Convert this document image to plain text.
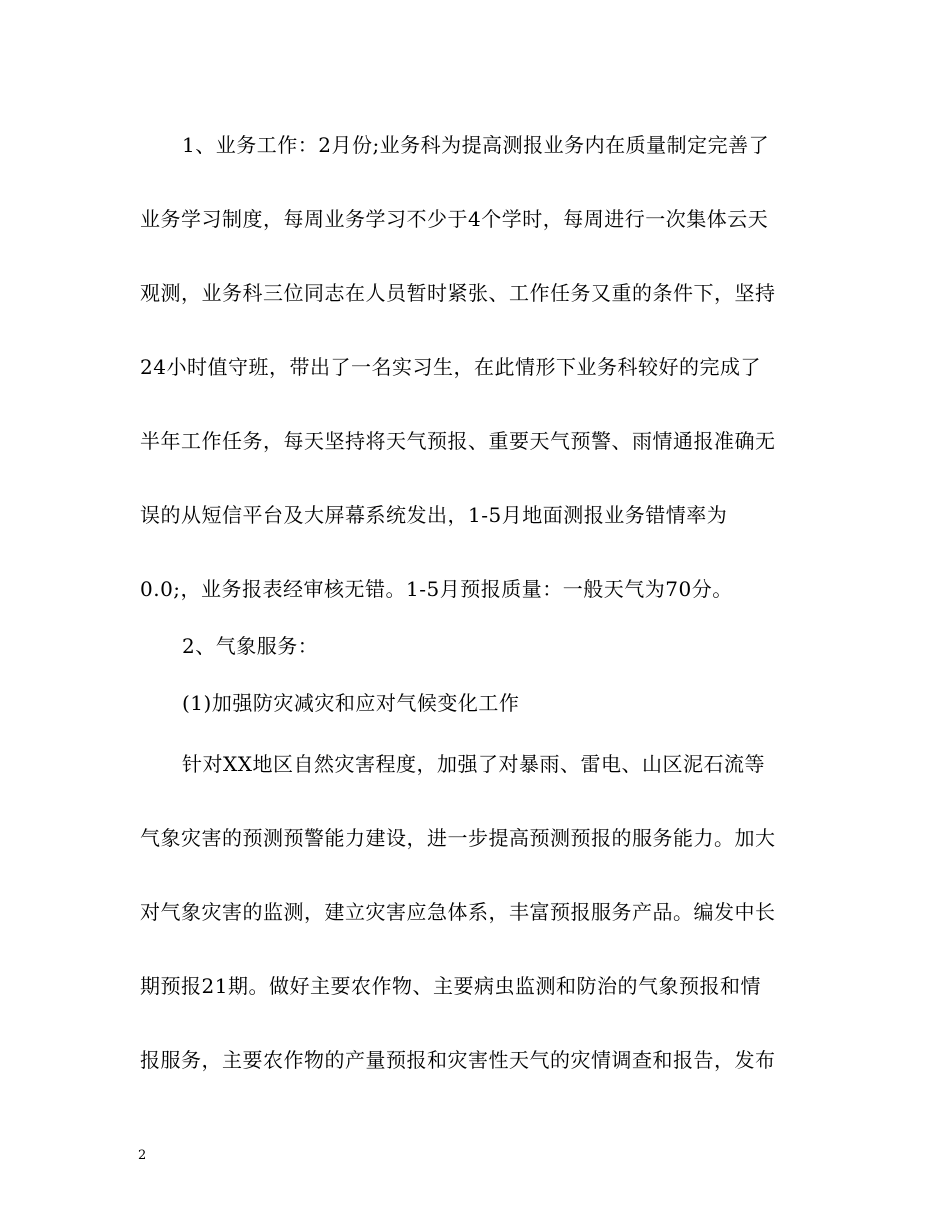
1、业务工作：2月份;业务科为提高测报业务内在质量制定完善了
业务学习制度，每周业务学习不少于4个学时，每周进行一次集体云天
观测，业务科三位同志在人员暂时紧张、工作任务又重的条件下，坚持
24小时值守班，带出了一名实习生，在此情形下业务科较好的完成了
半年工作任务，每天坚持将天气预报、重要天气预警、雨情通报准确无
误的从短信平台及大屏幕系统发出，1-5月地面测报业务错情率为
0.0;，业务报表经审核无错。1-5月预报质量：一般天气为70分。
2、气象服务：
(1)加强防灾减灾和应对气候变化工作
针对XX地区自然灾害程度，加强了对暴雨、雷电、山区泥石流等
气象灾害的预测预警能力建设，进一步提高预测预报的服务能力。加大
对气象灾害的监测，建立灾害应急体系，丰富预报服务产品。编发中长
期预报21期。做好主要农作物、主要病虫监测和防治的气象预报和情
报服务，主要农作物的产量预报和灾害性天气的灾情调查和报告，发布
2
